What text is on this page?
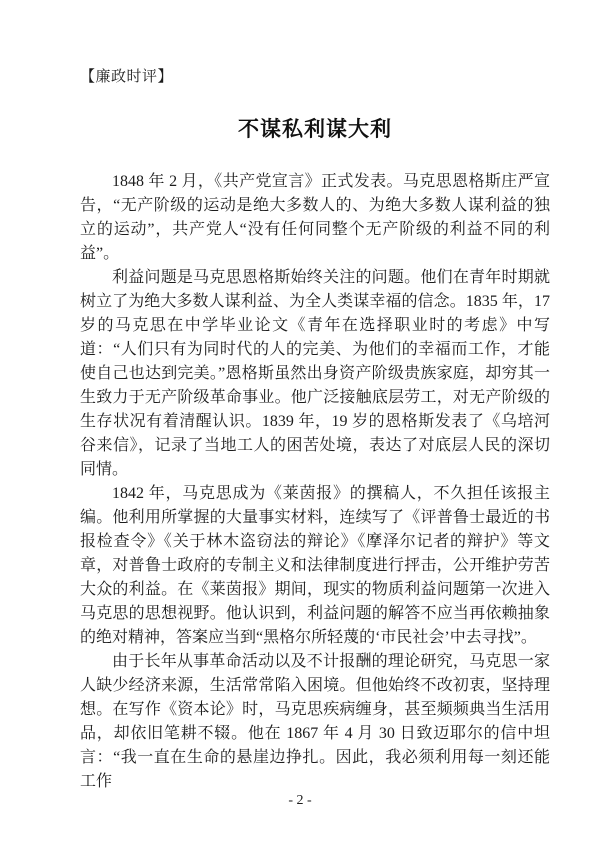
【廉政时评】
不谋私利谋大利

1848 年 2 月，《共产党宣言》正式发表。马克思恩格斯庄严宣告，“无产阶级的运动是绝大多数人的、为绝大多数人谋利益的独立的运动”，共产党人“没有任何同整个无产阶级的利益不同的利益”。

利益问题是马克思恩格斯始终关注的问题。他们在青年时期就树立了为绝大多数人谋利益、为全人类谋幸福的信念。1835 年，17 岁的马克思在中学毕业论文《青年在选择职业时的考虑》中写道：“人们只有为同时代的人的完美、为他们的幸福而工作，才能使自己也达到完美。”恩格斯虽然出身资产阶级贵族家庭，却穷其一生致力于无产阶级革命事业。他广泛接触底层劳工，对无产阶级的生存状况有着清醒认识。1839 年，19 岁的恩格斯发表了《乌培河谷来信》，记录了当地工人的困苦处境，表达了对底层人民的深切同情。

1842 年，马克思成为《莱茵报》的撰稿人，不久担任该报主编。他利用所掌握的大量事实材料，连续写了《评普鲁士最近的书报检查令》《关于林木盗窃法的辩论》《摩泽尔记者的辩护》等文章，对普鲁士政府的专制主义和法律制度进行抨击，公开维护劳苦大众的利益。在《莱茵报》期间，现实的物质利益问题第一次进入马克思的思想视野。他认识到，利益问题的解答不应当再依赖抽象的绝对精神，答案应当到“黑格尔所轻蔑的‘市民社会’中去寻找”。

由于长年从事革命活动以及不计报酬的理论研究，马克思一家人缺少经济来源，生活常常陷入困境。但他始终不改初衷，坚持理想。在写作《资本论》时，马克思疾病缠身，甚至频频典当生活用品，却依旧笔耕不辍。他在 1867 年 4 月 30 日致迈耶尔的信中坦言：“我一直在生命的悬崖边挣扎。因此，我必须利用每一刻还能工作

- 2 -
